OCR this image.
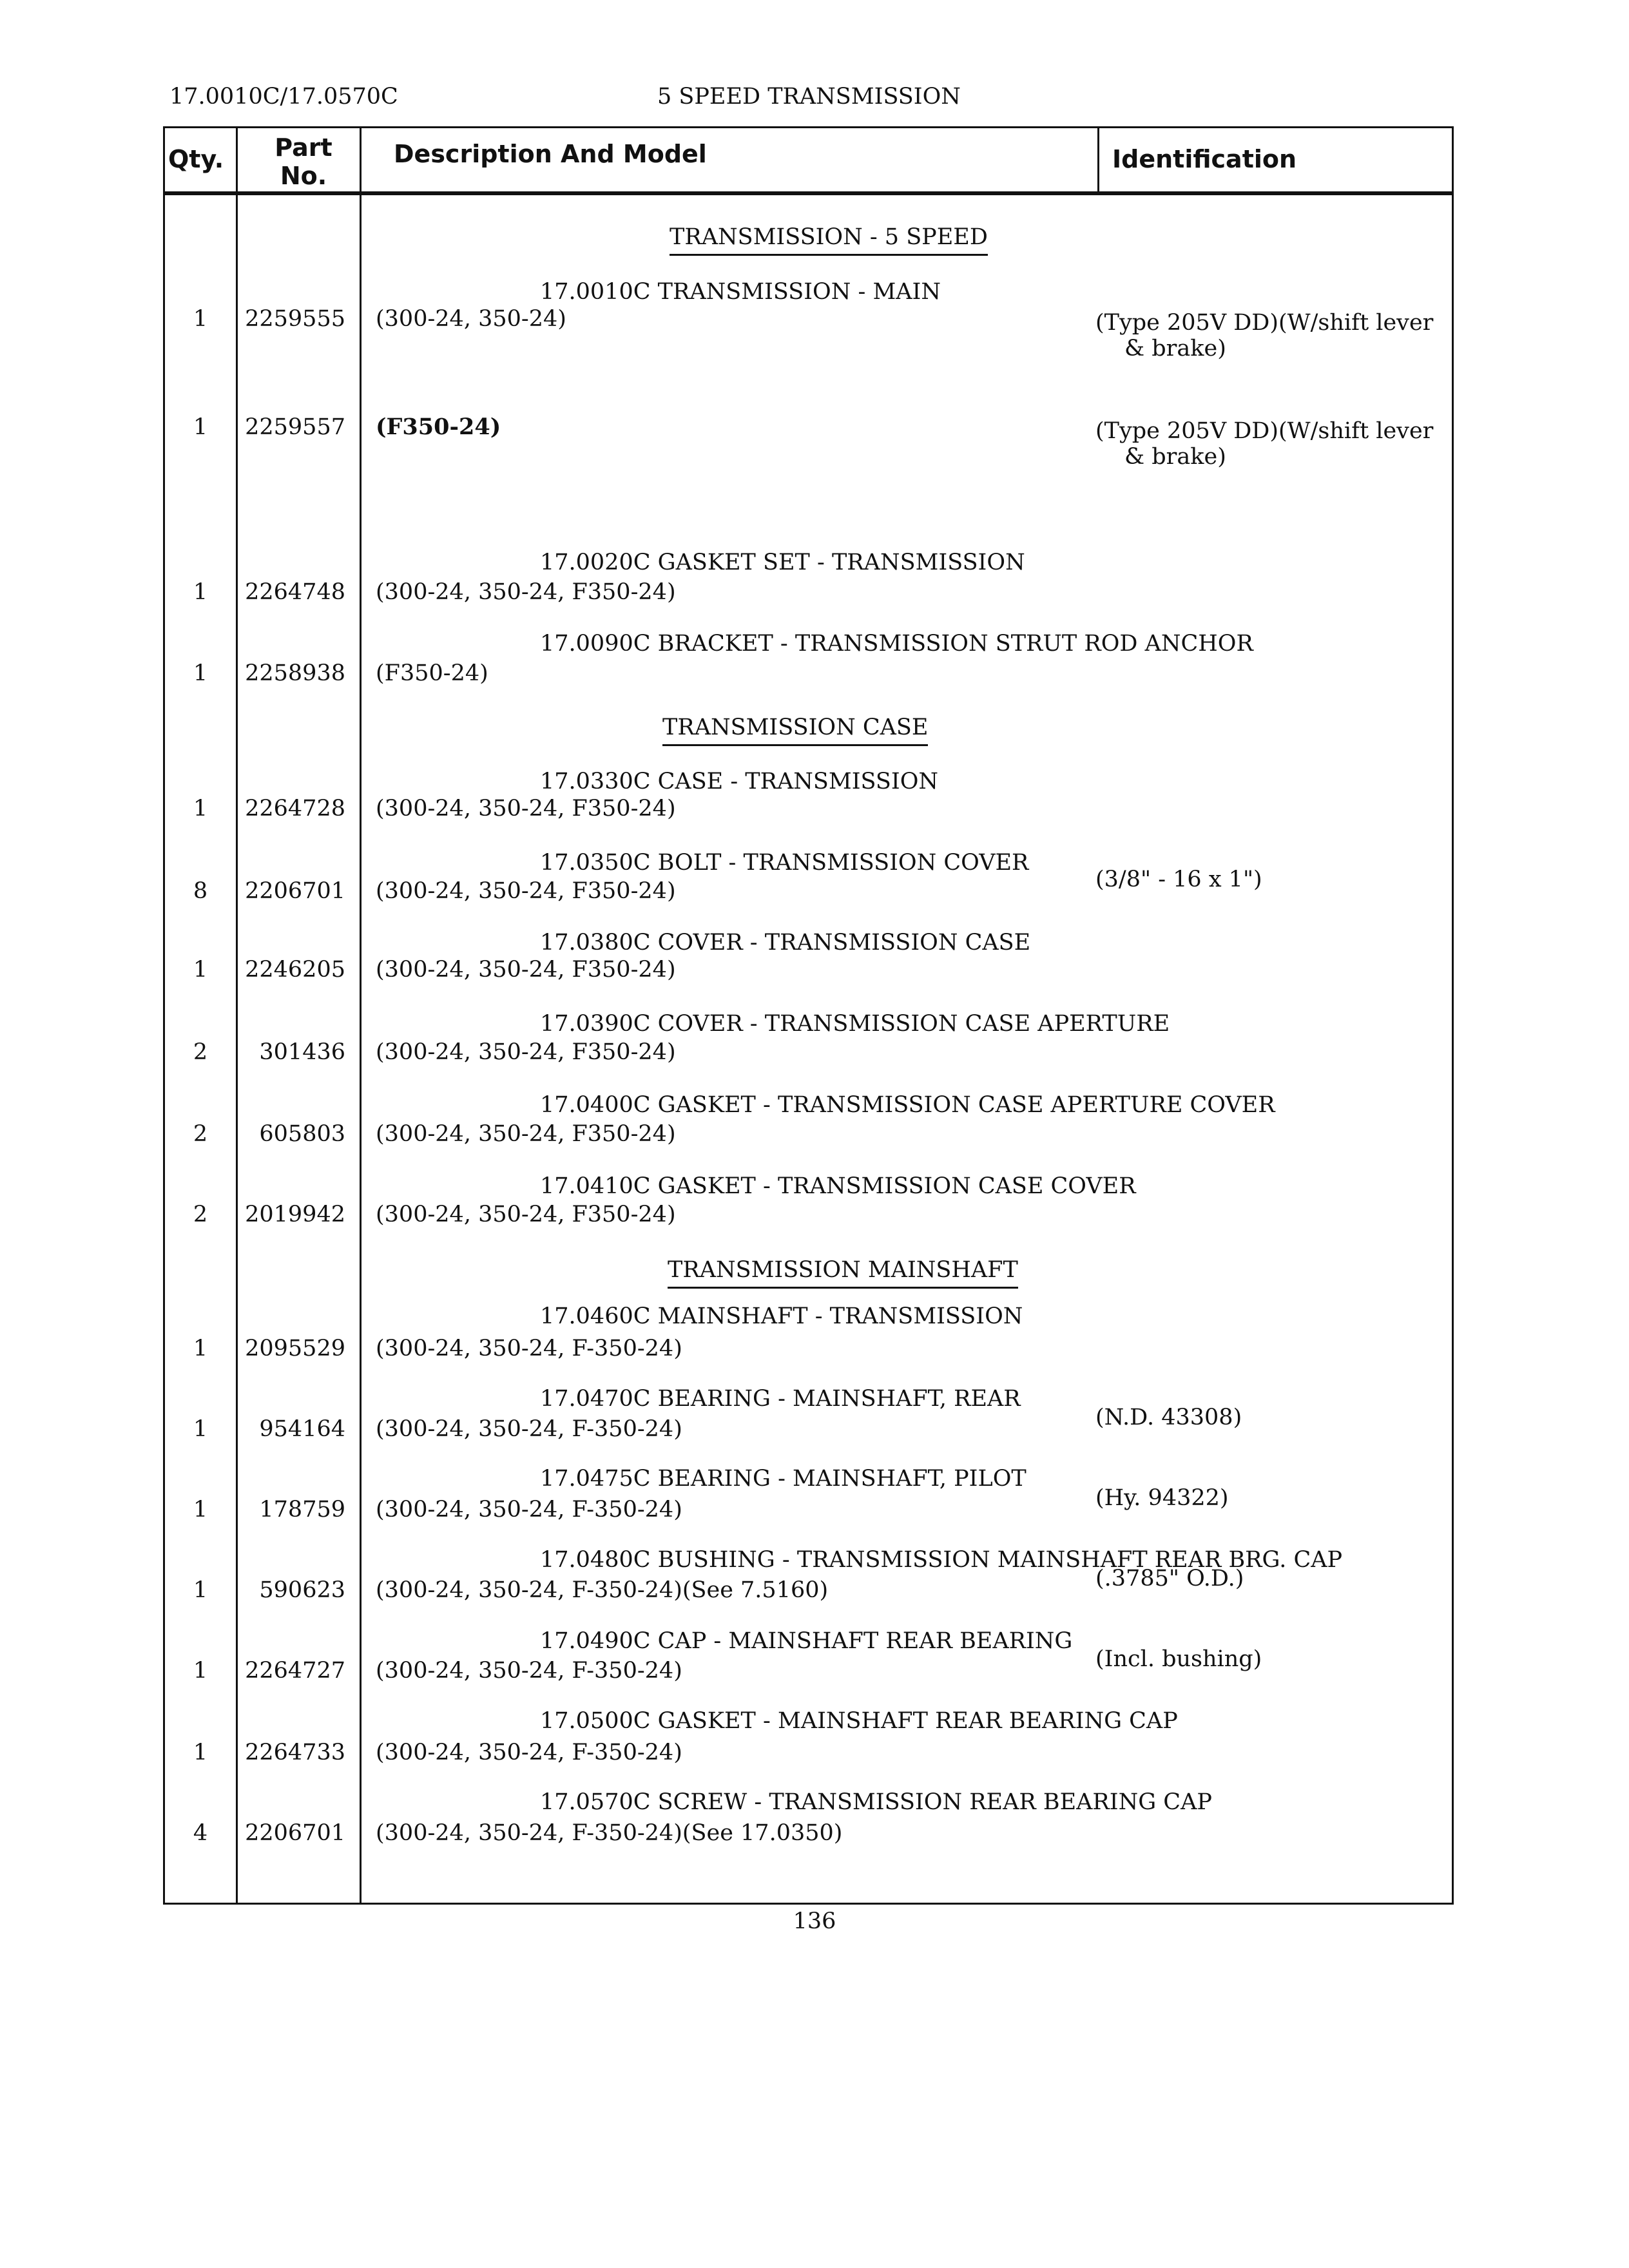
17.0010C/17.0570C	5 SPEED TRANSMISSION
Qty.	Part No.
Description And Model	Identification
TRANSMISSION - 5 SPEED
TRANSMISSION CASE
TRANSMISSION MAINSHAFT
17.0010C TRANSMISSION - MAIN
1	2259555 (300-24, 350-24)	(Type 205V DD)(W/shift lever
& brake)
1	2259557 (F350-24)	(Type 205V DD)(W/shift lever
& brake)
17.0020C GASKET SET - TRANSMISSION
1	2264748 (300-24, 350-24, F350-24)
17.0090C BRACKET - TRANSMISSION STRUT ROD ANCHOR
1	2258938 (F350-24)
17.0330C CASE - TRANSMISSION
1	2264728 (300-24, 350-24, F350-24)
17.0350C BOLT - TRANSMISSION COVER
8	2206701 (300-24, 350-24, F350-24)	(3/8" - 16 x 1")
17.0380C COVER - TRANSMISSION CASE
1	2246205 (300-24, 350-24, F350-24)
17.0390C COVER - TRANSMISSION CASE APERTURE
2	301436 (300-24, 350-24, F350-24)
17.0400C GASKET - TRANSMISSION CASE APERTURE COVER
2	605803 (300-24, 350-24, F350-24)
17.0410C GASKET - TRANSMISSION CASE COVER
2	2019942 (300-24, 350-24, F350-24)
17.0460C MAINSHAFT - TRANSMISSION
1	2095529 (300-24, 350-24, F-350-24)
17.0470C BEARING - MAINSHAFT, REAR
1	954164 (300-24, 350-24, F-350-24)	(N.D. 43308)
17.0475C BEARING - MAINSHAFT, PILOT
1	178759 (300-24, 350-24, F-350-24)	(Hy. 94322)
17.0480C BUSHING - TRANSMISSION MAINSHAFT REAR BRG. CAP
1	590623 (300-24, 350-24, F-350-24)(See 7.5160)	(.3785" O.D.)
17.0490C CAP - MAINSHAFT REAR BEARING
1	2264727 (300-24, 350-24, F-350-24)	(Incl. bushing)
17.0500C GASKET - MAINSHAFT REAR BEARING CAP
1	2264733 (300-24, 350-24, F-350-24)
17.0570C SCREW - TRANSMISSION REAR BEARING CAP
4	2206701 (300-24, 350-24, F-350-24)(See 17.0350)
136
